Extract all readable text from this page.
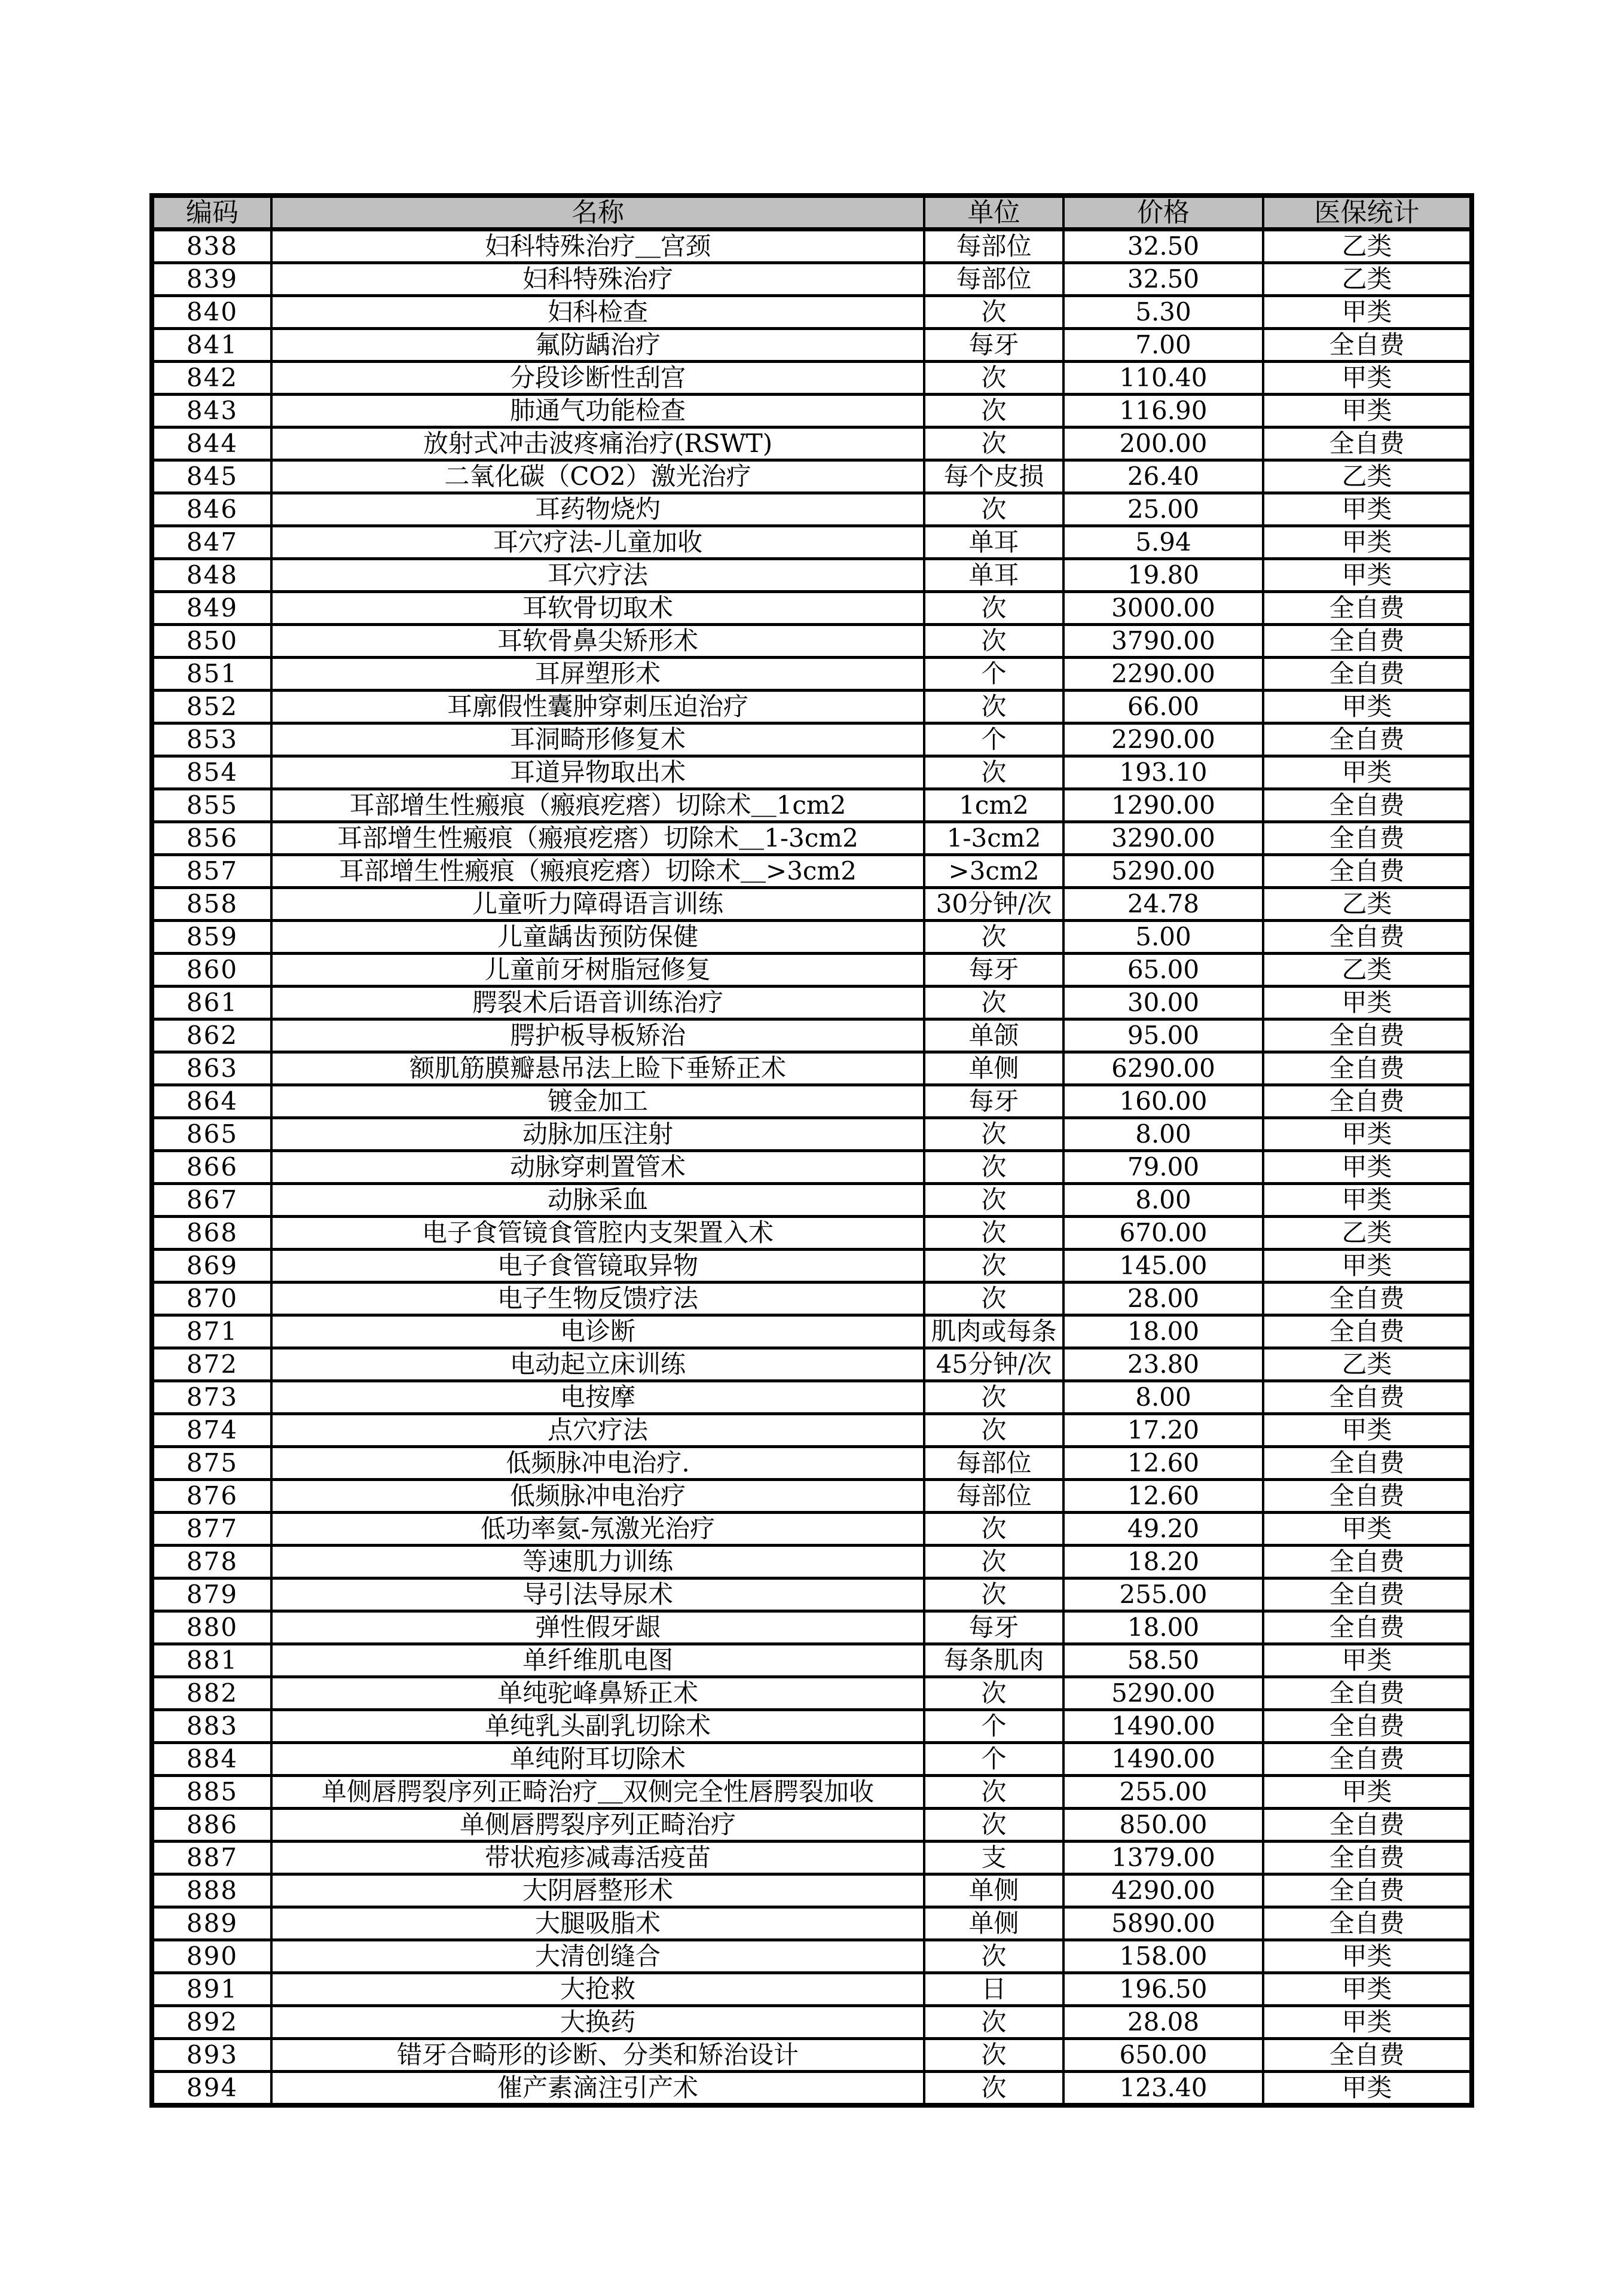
编码	名称	单位	价格	医保统计
838	妇科特殊治疗＿宫颈	每部位	32.50	乙类
839	妇科特殊治疗	每部位	32.50	乙类
840	妇科检查	次	5.30	甲类
841	氟防龋治疗	每牙	7.00	全自费
842	分段诊断性刮宫	次	110.40	甲类
843	肺通气功能检查	次	116.90	甲类
844	放射式冲击波疼痛治疗(RSWT)	次	200.00	全自费
845	二氧化碳（CO2）激光治疗	每个皮损	26.40	乙类
846	耳药物烧灼	次	25.00	甲类
847	耳穴疗法-儿童加收	单耳	5.94	甲类
848	耳穴疗法	单耳	19.80	甲类
849	耳软骨切取术	次	3000.00	全自费
850	耳软骨鼻尖矫形术	次	3790.00	全自费
851	耳屏塑形术	个	2290.00	全自费
852	耳廓假性囊肿穿刺压迫治疗	次	66.00	甲类
853	耳洞畸形修复术	个	2290.00	全自费
854	耳道异物取出术	次	193.10	甲类
855	耳部增生性瘢痕（瘢痕疙瘩）切除术＿1cm2	1cm2	1290.00	全自费
856	耳部增生性瘢痕（瘢痕疙瘩）切除术＿1-3cm2	1-3cm2	3290.00	全自费
857	耳部增生性瘢痕（瘢痕疙瘩）切除术＿>3cm2	>3cm2	5290.00	全自费
858	儿童听力障碍语言训练	30分钟/次	24.78	乙类
859	儿童龋齿预防保健	次	5.00	全自费
860	儿童前牙树脂冠修复	每牙	65.00	乙类
861	腭裂术后语音训练治疗	次	30.00	甲类
862	腭护板导板矫治	单颌	95.00	全自费
863	额肌筋膜瓣悬吊法上睑下垂矫正术	单侧	6290.00	全自费
864	镀金加工	每牙	160.00	全自费
865	动脉加压注射	次	8.00	甲类
866	动脉穿刺置管术	次	79.00	甲类
867	动脉采血	次	8.00	甲类
868	电子食管镜食管腔内支架置入术	次	670.00	乙类
869	电子食管镜取异物	次	145.00	甲类
870	电子生物反馈疗法	次	28.00	全自费
871	电诊断	肌肉或每条	18.00	全自费
872	电动起立床训练	45分钟/次	23.80	乙类
873	电按摩	次	8.00	全自费
874	点穴疗法	次	17.20	甲类
875	低频脉冲电治疗.	每部位	12.60	全自费
876	低频脉冲电治疗	每部位	12.60	全自费
877	低功率氦-氖激光治疗	次	49.20	甲类
878	等速肌力训练	次	18.20	全自费
879	导引法导尿术	次	255.00	全自费
880	弹性假牙龈	每牙	18.00	全自费
881	单纤维肌电图	每条肌肉	58.50	甲类
882	单纯驼峰鼻矫正术	次	5290.00	全自费
883	单纯乳头副乳切除术	个	1490.00	全自费
884	单纯附耳切除术	个	1490.00	全自费
885	单侧唇腭裂序列正畸治疗＿双侧完全性唇腭裂加收	次	255.00	甲类
886	单侧唇腭裂序列正畸治疗	次	850.00	全自费
887	带状疱疹减毒活疫苗	支	1379.00	全自费
888	大阴唇整形术	单侧	4290.00	全自费
889	大腿吸脂术	单侧	5890.00	全自费
890	大清创缝合	次	158.00	甲类
891	大抢救	日	196.50	甲类
892	大换药	次	28.08	甲类
893	错牙合畸形的诊断、分类和矫治设计	次	650.00	全自费
894	催产素滴注引产术	次	123.40	甲类
